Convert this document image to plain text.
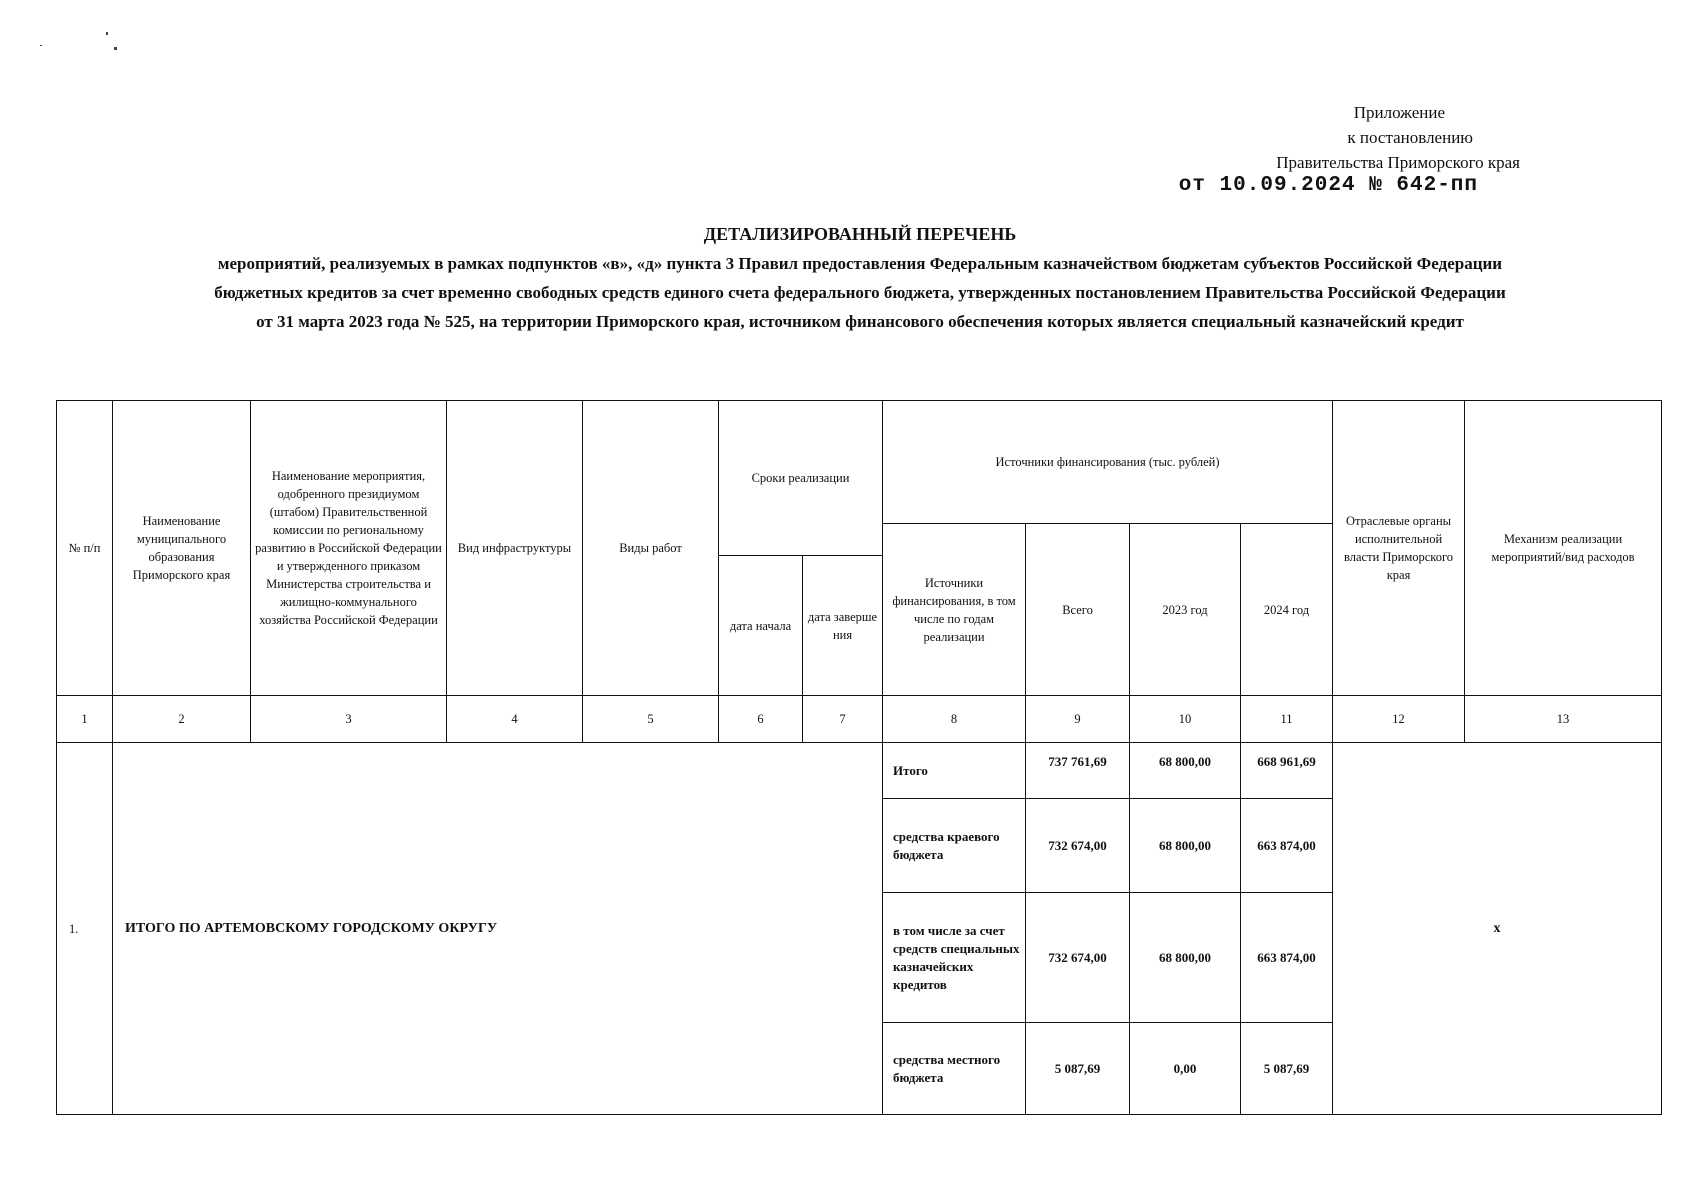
Приложение
к постановлению
Правительства Приморского края
от 10.09.2024 № 642-пп
ДЕТАЛИЗИРОВАННЫЙ ПЕРЕЧЕНЬ
мероприятий, реализуемых в рамках подпунктов «в», «д» пункта 3 Правил предоставления Федеральным казначейством бюджетам субъектов Российской Федерации
бюджетных кредитов за счет временно свободных средств единого счета федерального бюджета, утвержденных постановлением Правительства Российской Федерации
от 31 марта 2023 года № 525, на территории Приморского края, источником финансового обеспечения которых является специальный казначейский кредит
№ п/п	Наименование муниципального образования Приморского края	Наименование мероприятия, одобренного президиумом (штабом) Правительственной комиссии по региональному развитию в Российской Федерации и утвержденного приказом Министерства строительства и жилищно-коммунального хозяйства Российской Федерации	Вид инфраструктуры	Виды работ	Сроки реализации		Источники финансирования (тыс. рублей)				Отраслевые органы исполнительной власти Приморского края	Механизм реализации мероприятий/вид расходов
							Источники финансирования, в том числе по годам реализации	Всего	2023 год	2024 год		
					дата начала	дата заверше ния						
1	2	3	4	5	6	7	8	9	10	11	12	13
1.	ИТОГО ПО АРТЕМОВСКОМУ ГОРОДСКОМУ ОКРУГУ						Итого	737 761,69	68 800,00	668 961,69	х	
							средства краевого бюджета	732 674,00	68 800,00	663 874,00		
							в том числе за счет средств специальных казначейских кредитов	732 674,00	68 800,00	663 874,00		
							средства местного бюджета	5 087,69	0,00	5 087,69		
